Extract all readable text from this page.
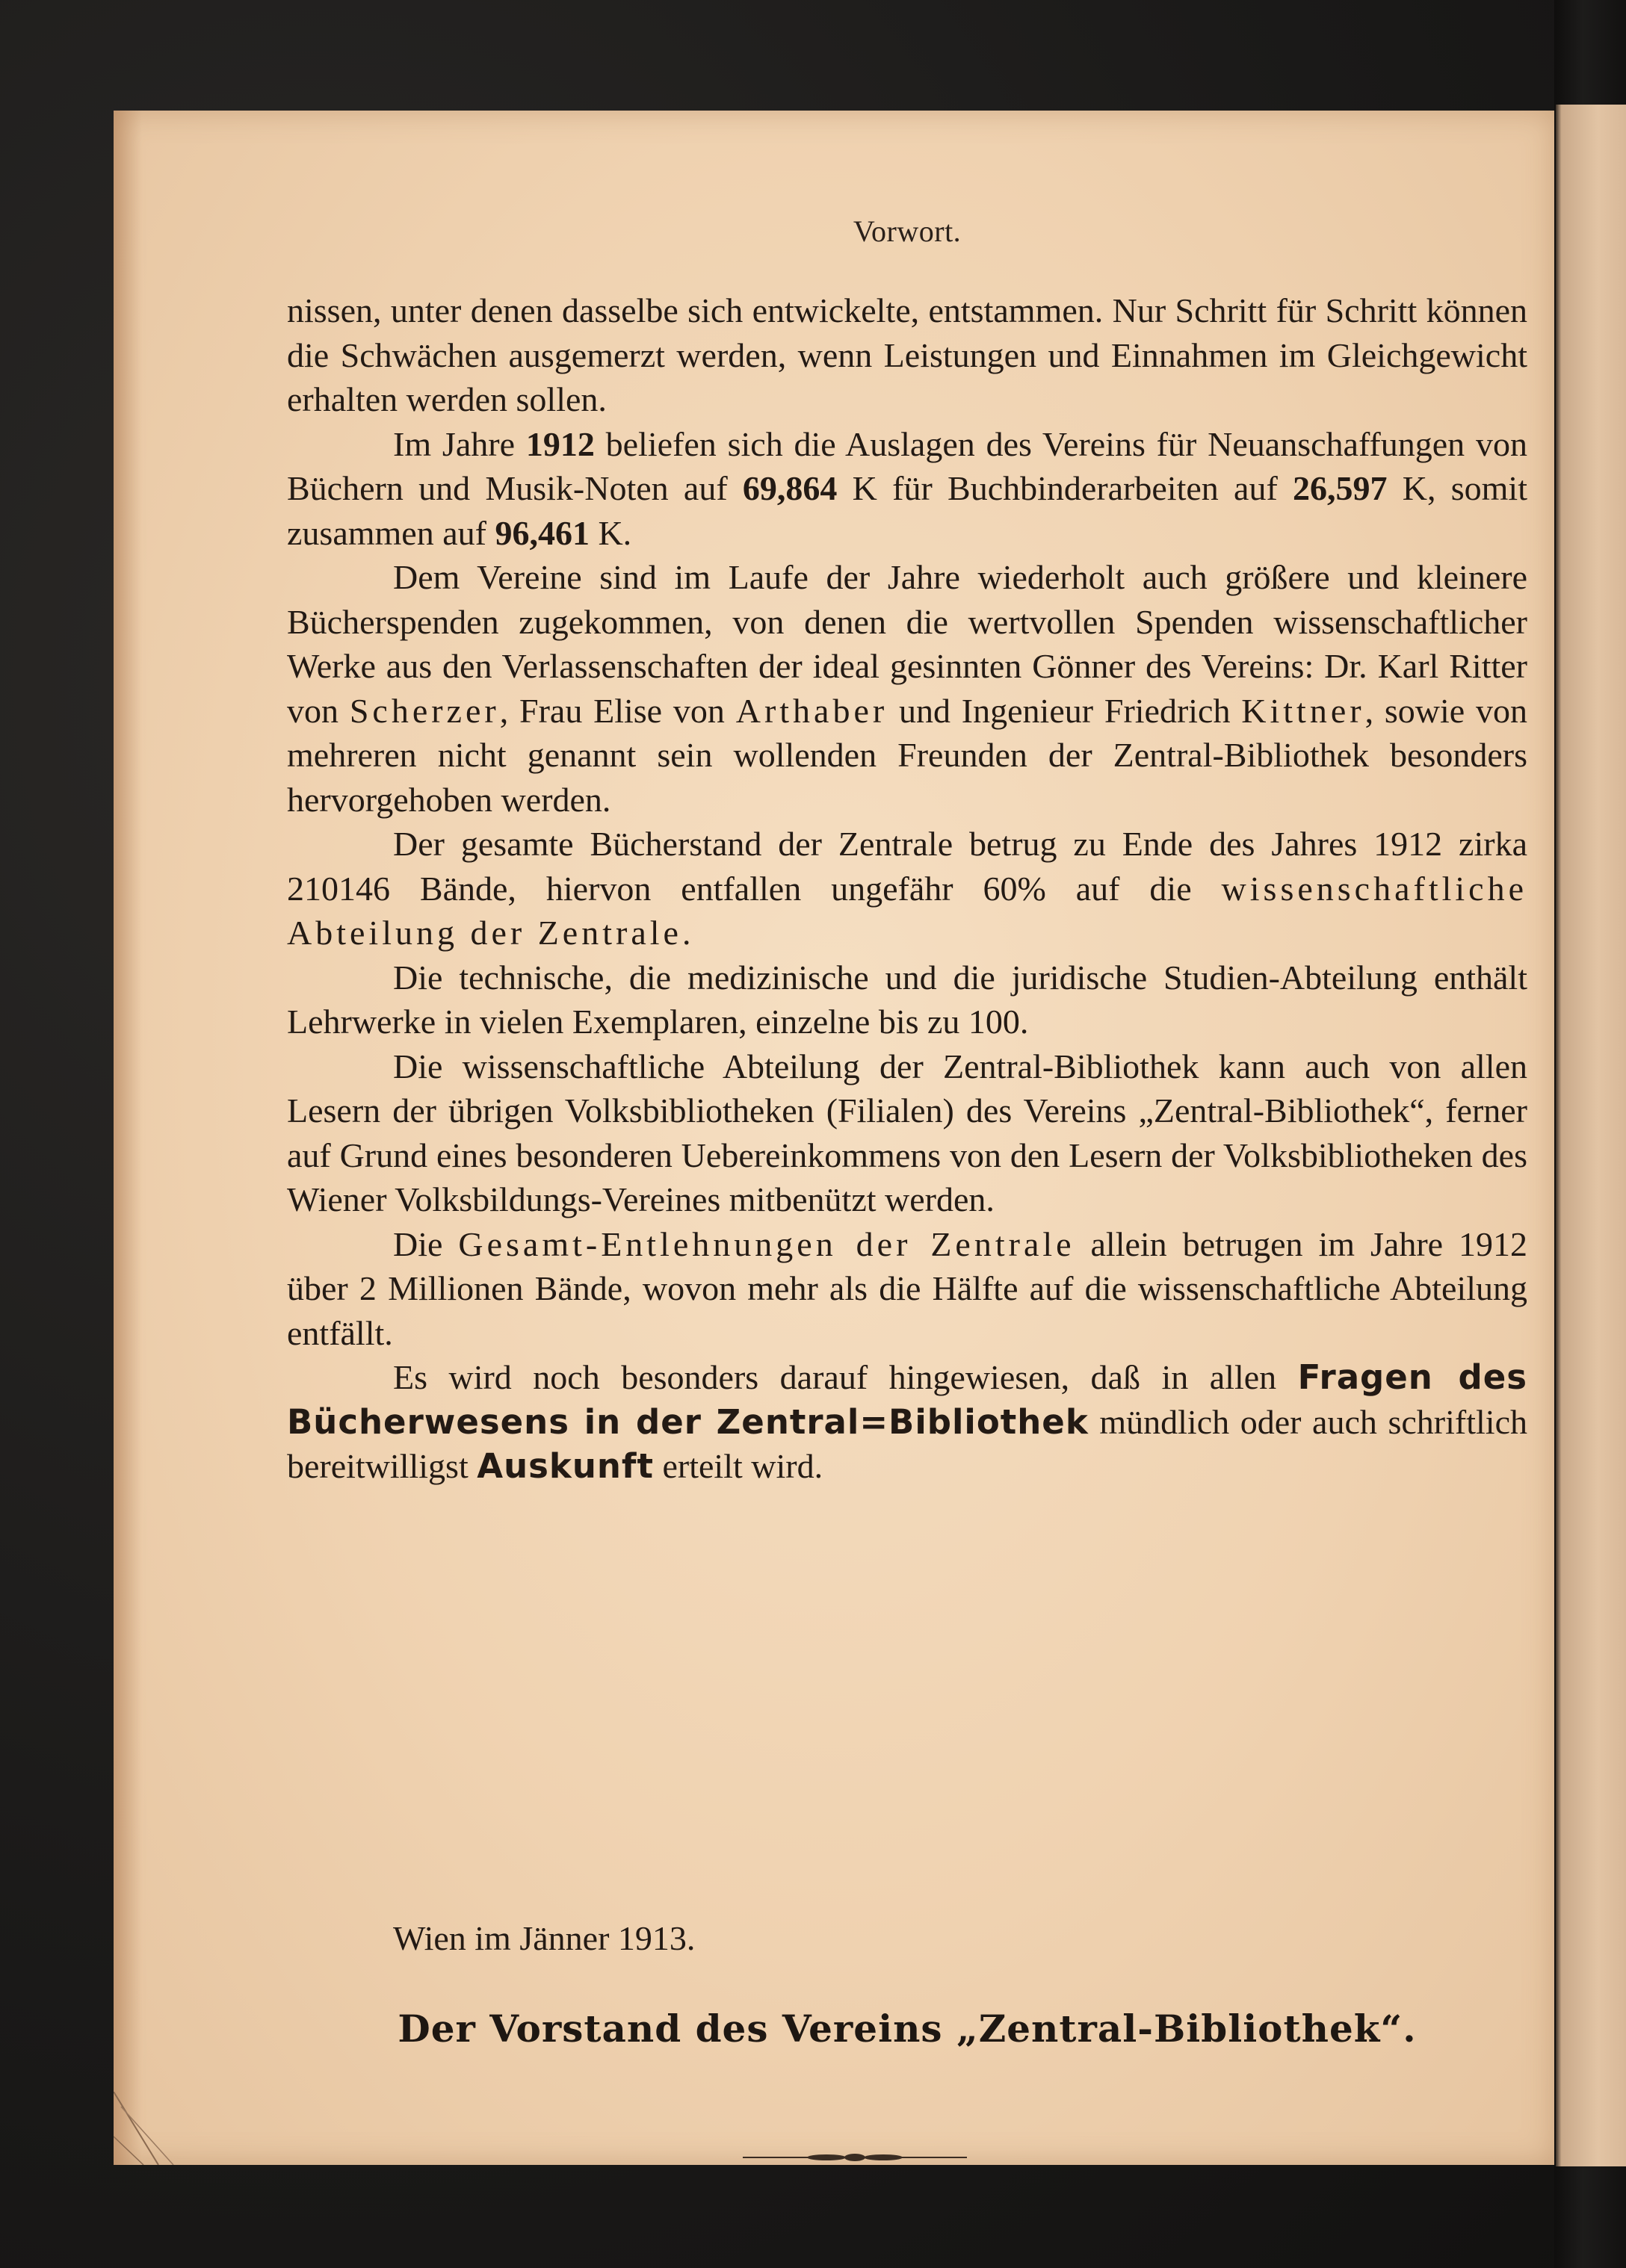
Vorwort.

nissen, unter denen dasselbe sich entwickelte, entstammen. Nur Schritt für Schritt können die Schwächen ausgemerzt werden, wenn Leistungen und Einnahmen im Gleichgewicht erhalten werden sollen.

Im Jahre 1912 beliefen sich die Auslagen des Vereins für Neuanschaffungen von Büchern und Musik-Noten auf 69,864 K für Buchbinderarbeiten auf 26,597 K, somit zusammen auf 96,461 K.

Dem Vereine sind im Laufe der Jahre wiederholt auch größere und kleinere Bücherspenden zugekommen, von denen die wertvollen Spenden wissenschaftlicher Werke aus den Verlassenschaften der ideal gesinnten Gönner des Vereins: Dr. Karl Ritter von Scherzer, Frau Elise von Arthaber und Ingenieur Friedrich Kittner, sowie von mehreren nicht genannt sein wollenden Freunden der Zentral-Bibliothek besonders hervorgehoben werden.

Der gesamte Bücherstand der Zentrale betrug zu Ende des Jahres 1912 zirka 210146 Bände, hiervon entfallen ungefähr 60% auf die wissenschaftliche Abteilung der Zentrale.

Die technische, die medizinische und die juridische Studien-Abteilung enthält Lehrwerke in vielen Exemplaren, einzelne bis zu 100.

Die wissenschaftliche Abteilung der Zentral-Bibliothek kann auch von allen Lesern der übrigen Volksbibliotheken (Filialen) des Vereins „Zentral-Bibliothek“, ferner auf Grund eines besonderen Uebereinkommens von den Lesern der Volksbibliotheken des Wiener Volksbildungs-Vereines mitbenützt werden.

Die Gesamt-Entlehnungen der Zentrale allein betrugen im Jahre 1912 über 2 Millionen Bände, wovon mehr als die Hälfte auf die wissenschaftliche Abteilung entfällt.

Es wird noch besonders darauf hingewiesen, daß in allen Fragen des Bücherwesens in der Zentral=Bibliothek mündlich oder auch schriftlich bereitwilligst Auskunft erteilt wird.

Wien im Jänner 1913.
Der Vorstand des Vereins „Zentral-Bibliothek“.
